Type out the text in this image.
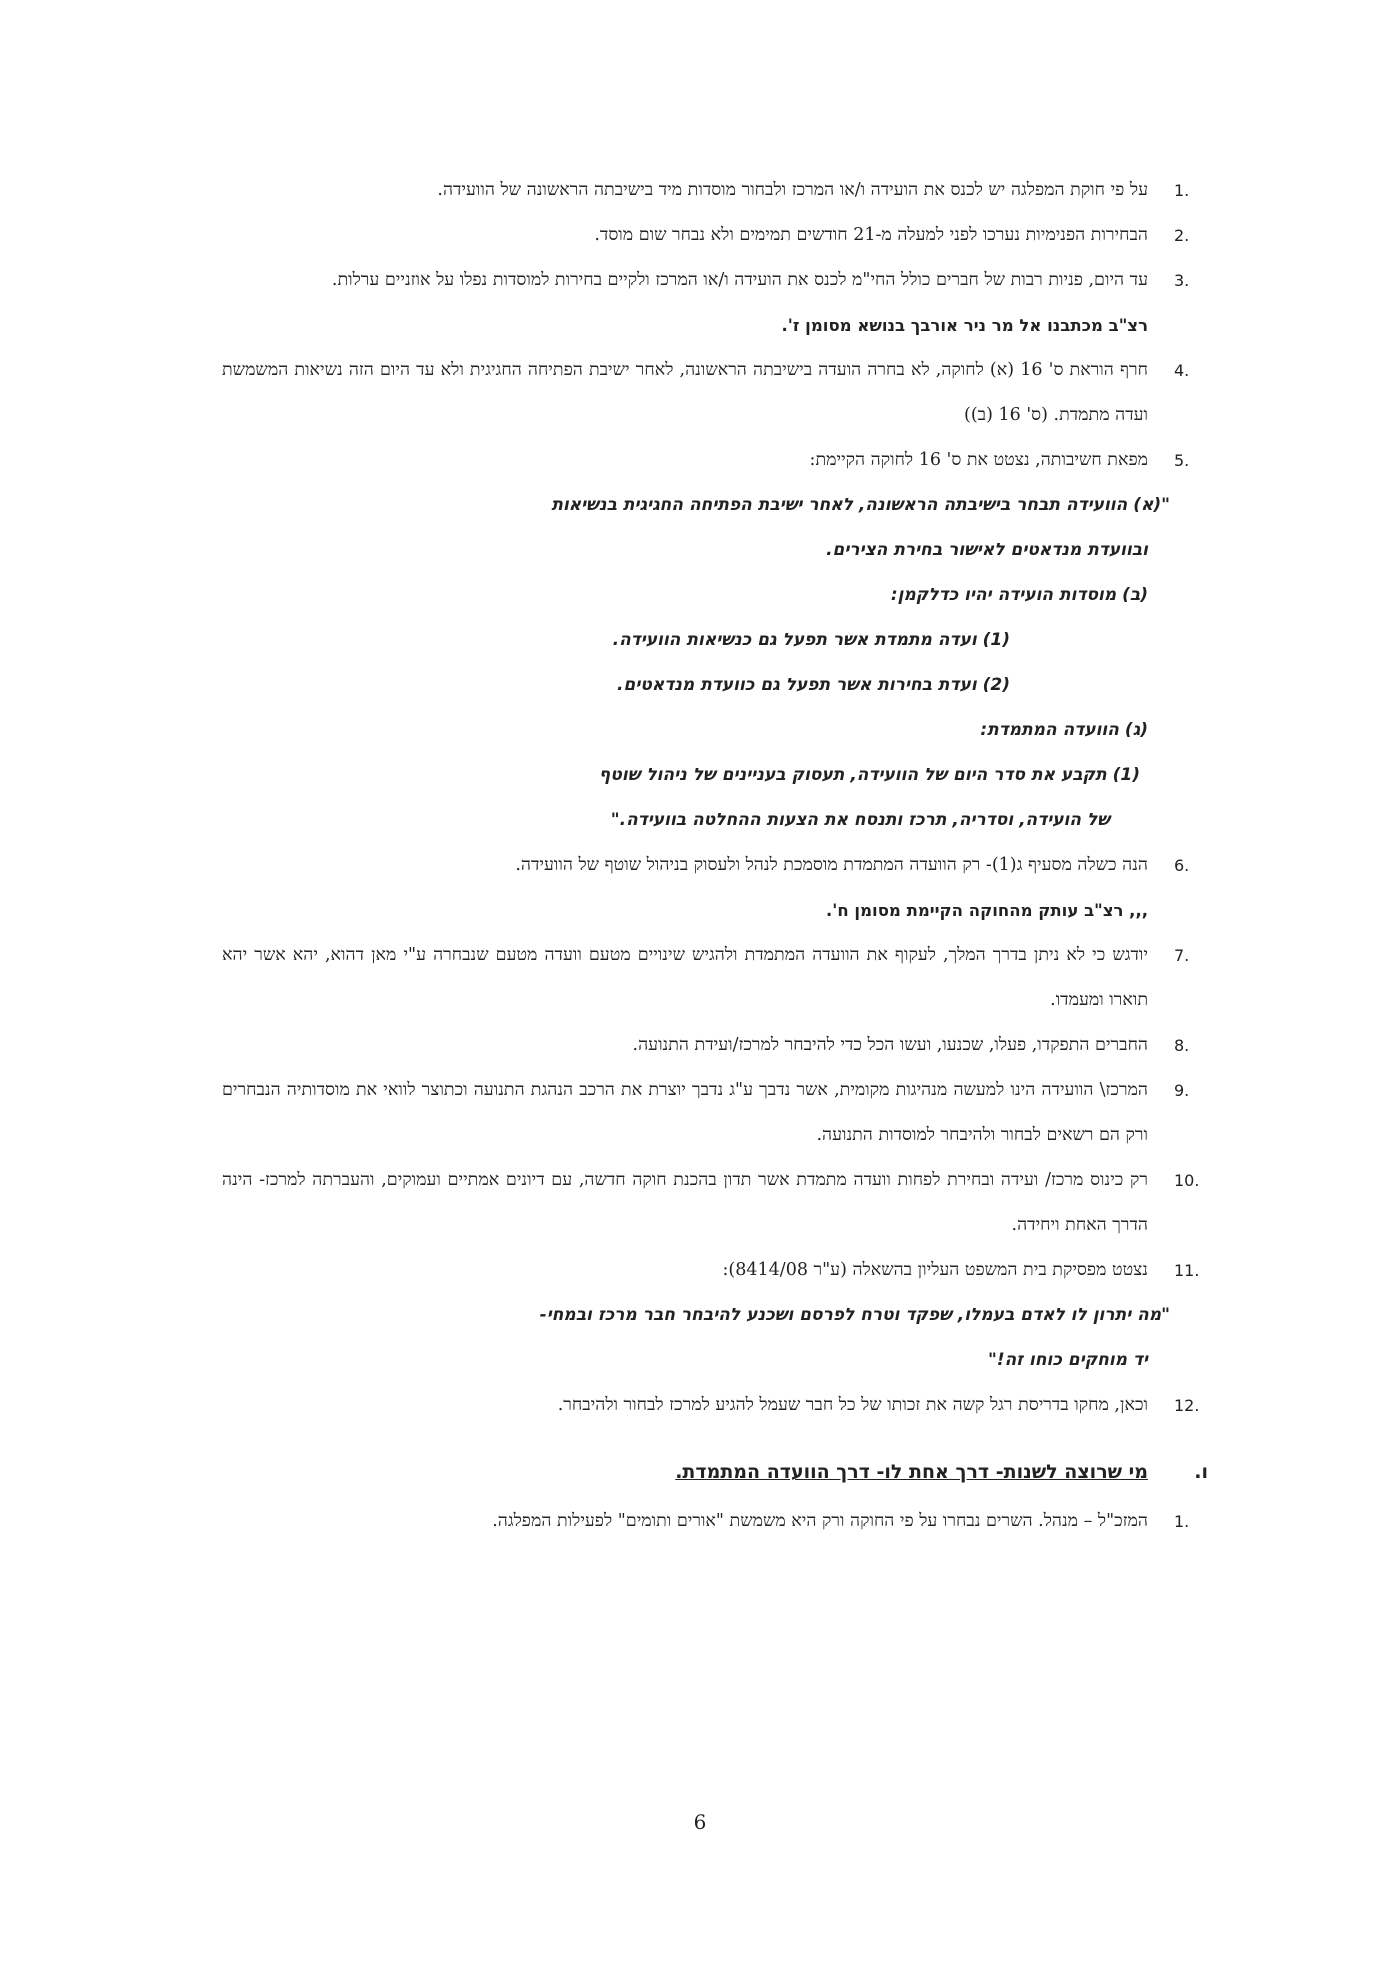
1.
על פי חוקת המפלגה יש לכנס את הועידה ו/או המרכז ולבחור מוסדות מיד בישיבתה הראשונה של הוועידה.
2.
הבחירות הפנימיות נערכו לפני למעלה מ-21 חודשים תמימים ולא נבחר שום מוסד.
3.
עד היום, פניות רבות של חברים כולל החי"מ לכנס את הועידה ו/או המרכז ולקיים בחירות למוסדות נפלו על אוזניים ערלות.
רצ"ב מכתבנו אל מר ניר אורבך בנושא מסומן ז'.
4.
חרף הוראת ס' 16 (א) לחוקה, לא בחרה הועדה בישיבתה הראשונה, לאחר ישיבת הפתיחה החגיגית ולא עד היום הזה נשיאות המשמשת ועדה מתמדת. (ס' 16 (ב))
5.
מפאת חשיבותה, נצטט את ס' 16 לחוקה הקיימת:
"(א) הוועידה תבחר בישיבתה הראשונה, לאחר ישיבת הפתיחה החגיגית בנשיאות
ובוועדת מנדאטים לאישור בחירת הצירים.
(ב) מוסדות הועידה יהיו כדלקמן:
(1) ועדה מתמדת אשר תפעל גם כנשיאות הוועידה.
(2) ועדת בחירות אשר תפעל גם כוועדת מנדאטים.
(ג) הוועדה המתמדת:
(1) תקבע את סדר היום של הוועידה, תעסוק בעניינים של ניהול שוטף
של הועידה, וסדריה, תרכז ותנסח את הצעות ההחלטה בוועידה."
6.
הנה כשלה מסעיף ג(1)- רק הוועדה המתמדת מוסמכת לנהל ולעסוק בניהול שוטף של הוועידה.
,,, רצ"ב עותק מהחוקה הקיימת מסומן ח'.
7.
יודגש כי לא ניתן בדרך המלך, לעקוף את הוועדה המתמדת ולהגיש שינויים מטעם וועדה מטעם שנבחרה ע"י מאן דהוא, יהא אשר יהא תוארו ומעמדו.
8.
החברים התפקדו, פעלו, שכנעו, ועשו הכל כדי להיבחר למרכז/ועידת התנועה.
9.
המרכז\ הוועידה הינו למעשה מנהיגות מקומית, אשר נדבך ע"ג נדבך יוצרת את הרכב הנהגת התנועה וכתוצר לוואי את מוסדותיה הנבחרים ורק הם רשאים לבחור ולהיבחר למוסדות התנועה.
10.
רק כינוס מרכז/ ועידה ובחירת לפחות וועדה מתמדת אשר תדון בהכנת חוקה חדשה, עם דיונים אמתיים ועמוקים, והעברתה למרכז- הינה הדרך האחת ויחידה.
11.
נצטט מפסיקת בית המשפט העליון בהשאלה (ע"ר 8414/08):
"מה יתרון לו לאדם בעמלו, שפקד וטרח לפרסם ושכנע להיבחר חבר מרכז ובמחי-
יד מוחקים כוחו זה!"
12.
וכאן, מחקו בדריסת רגל קשה את זכותו של כל חבר שעמל להגיע למרכז לבחור ולהיבחר.
ו.
מי שרוצה לשנות- דרך אחת לו- דרך הוועדה המתמדת.
1.
המזכ"ל – מנהל. השרים נבחרו על פי החוקה ורק היא משמשת "אורים ותומים" לפעילות המפלגה.
6
